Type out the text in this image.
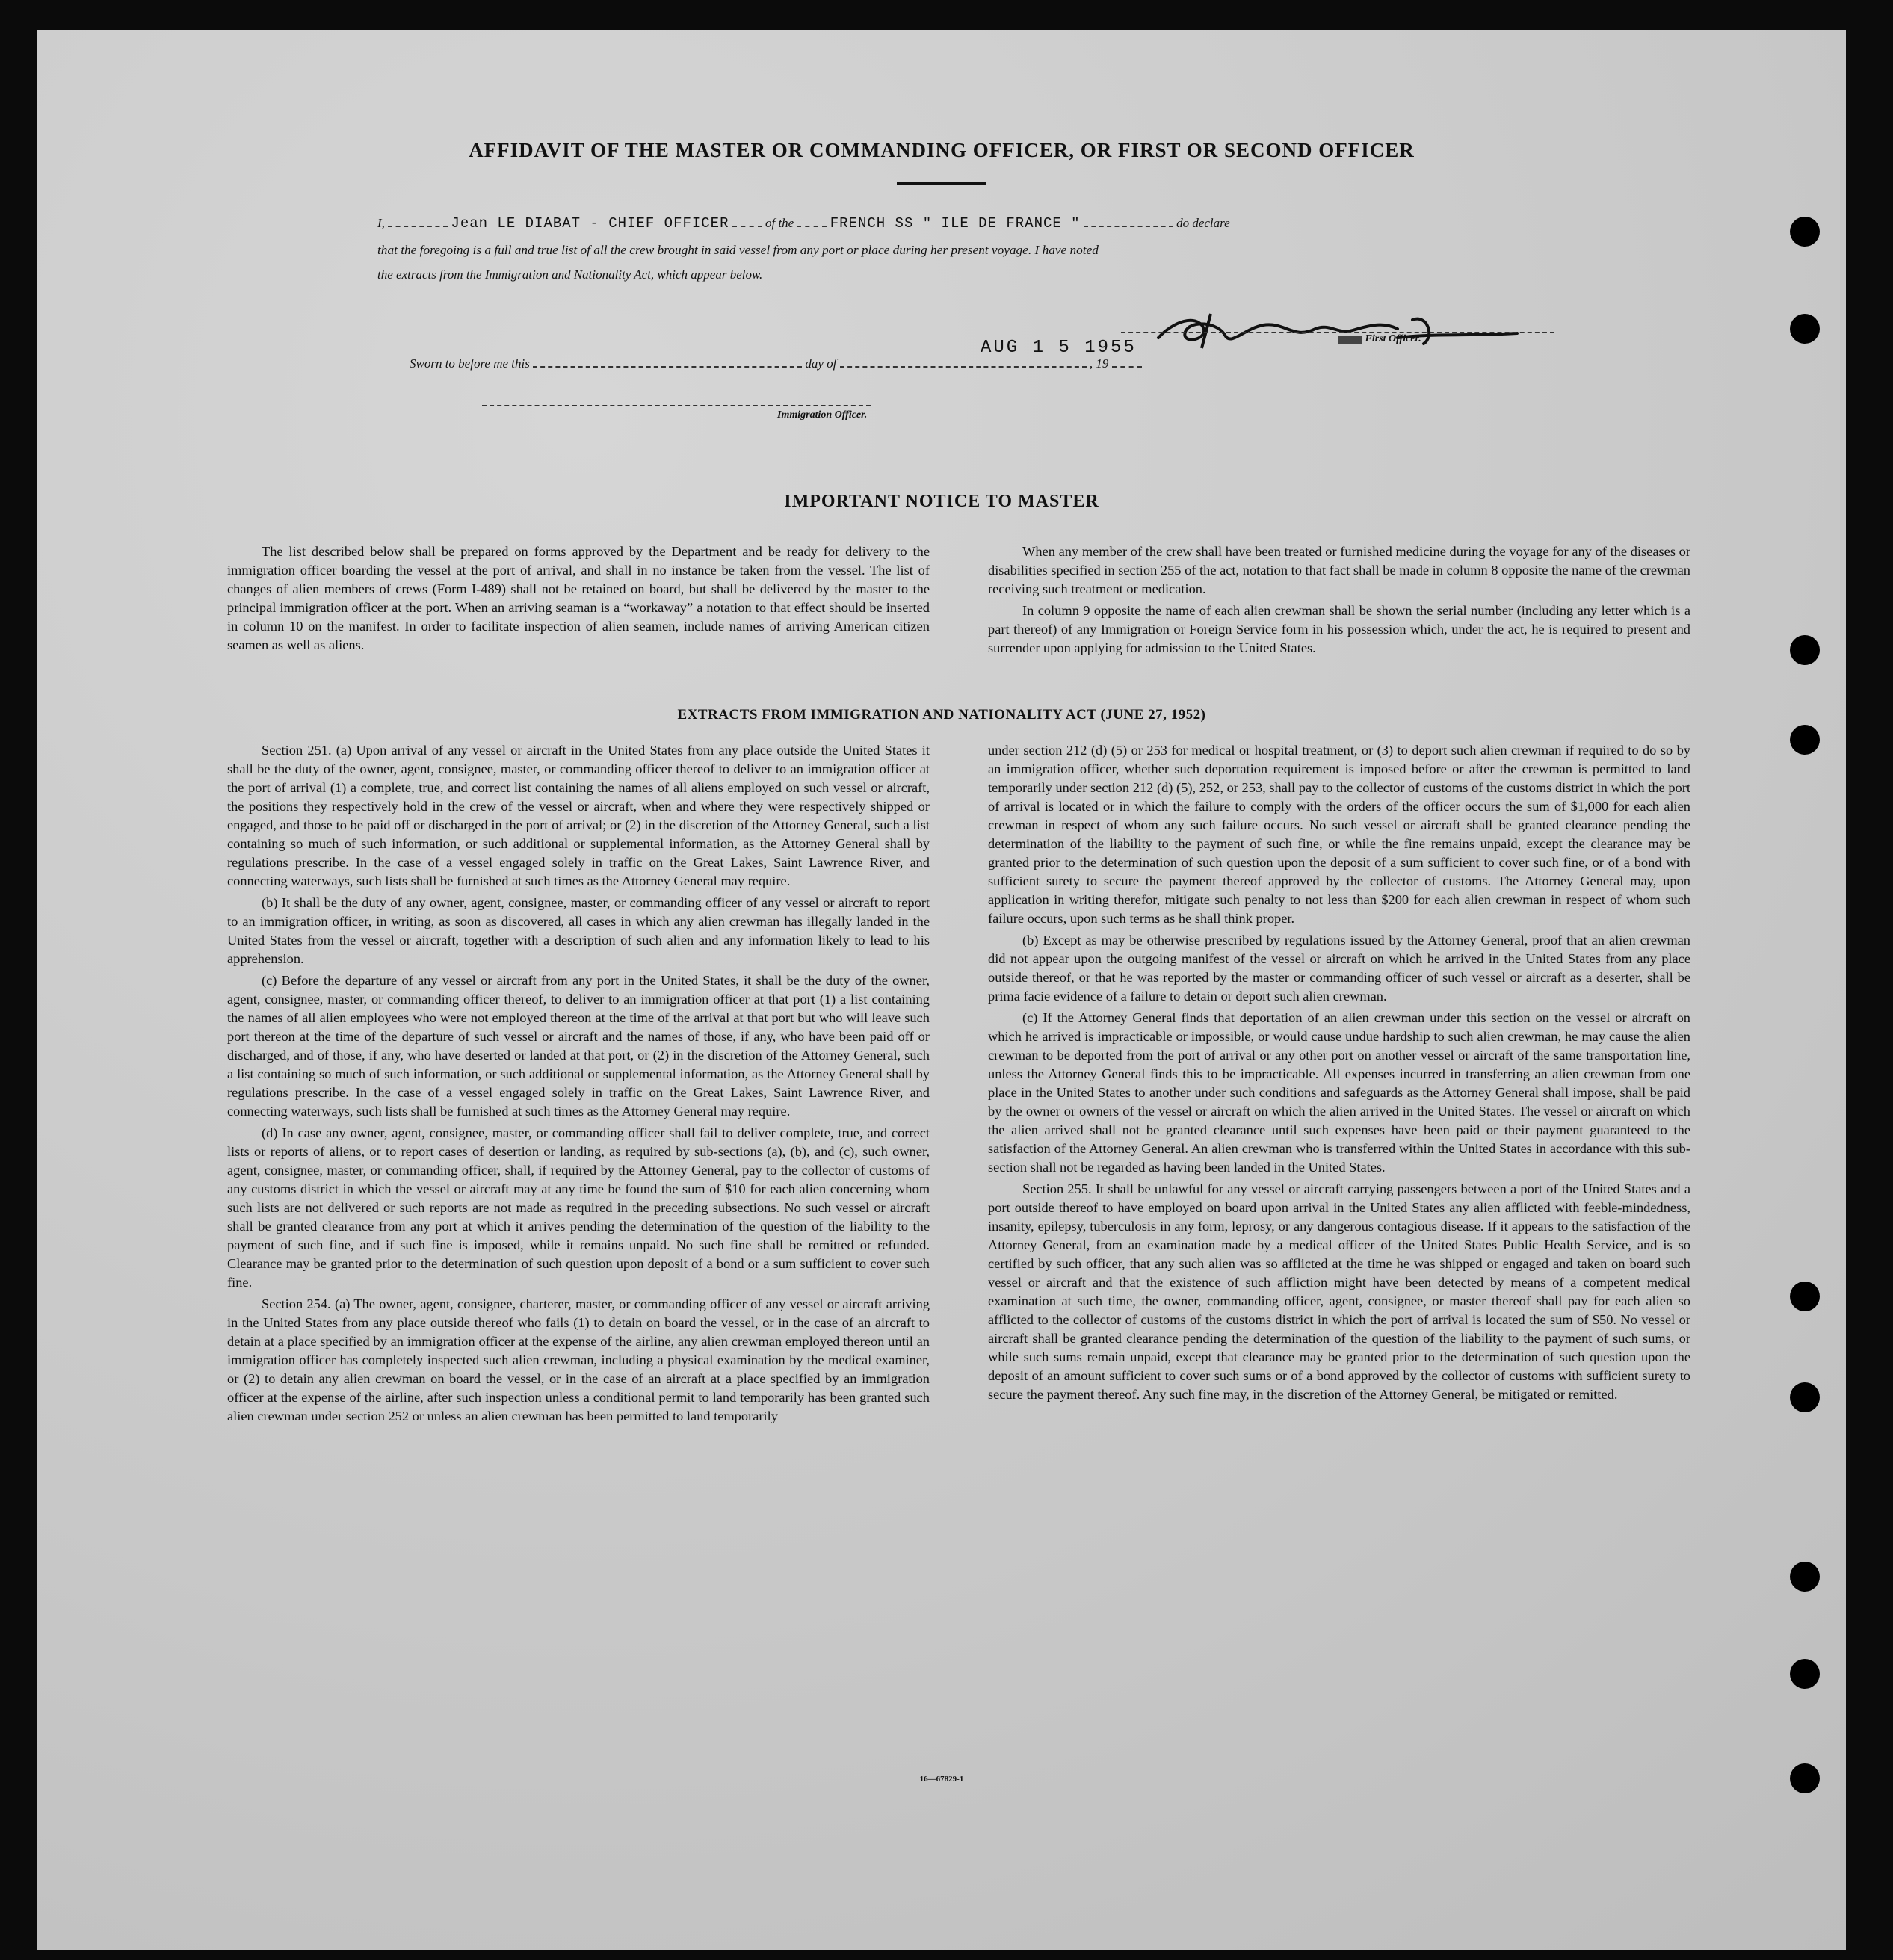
AFFIDAVIT OF THE MASTER OR COMMANDING OFFICER, OR FIRST OR SECOND OFFICER
I,	Jean LE DIABAT - CHIEF OFFICER	of the	FRENCH SS " ILE DE FRANCE "	do declare
that the foregoing is a full and true list of all the crew brought in said vessel from any port or place during her present voyage. I have noted
the extracts from the Immigration and Nationality Act, which appear below.
XXXXX First Officer.
AUG 1 5 1955
Sworn to before me this	day of	, 19
Immigration Officer.
IMPORTANT NOTICE TO MASTER

The list described below shall be prepared on forms approved by the Department and be ready for delivery to the immigration officer boarding the vessel at the port of arrival, and shall in no instance be taken from the vessel. The list of changes of alien members of crews (Form I-489) shall not be retained on board, but shall be delivered by the master to the principal immigration officer at the port. When an arriving seaman is a “workaway” a notation to that effect should be inserted in column 10 on the manifest. In order to facilitate inspection of alien seamen, include names of arriving American citizen seamen as well as aliens.

When any member of the crew shall have been treated or furnished medicine during the voyage for any of the diseases or disabilities specified in section 255 of the act, notation to that fact shall be made in column 8 opposite the name of the crewman receiving such treatment or medication.

In column 9 opposite the name of each alien crewman shall be shown the serial number (including any letter which is a part thereof) of any Immigration or Foreign Service form in his possession which, under the act, he is required to present and surrender upon applying for admission to the United States.

EXTRACTS FROM IMMIGRATION AND NATIONALITY ACT (JUNE 27, 1952)

Section 251. (a) Upon arrival of any vessel or aircraft in the United States from any place outside the United States it shall be the duty of the owner, agent, consignee, master, or commanding officer thereof to deliver to an immigration officer at the port of arrival (1) a complete, true, and correct list containing the names of all aliens employed on such vessel or aircraft, the positions they respectively hold in the crew of the vessel or aircraft, when and where they were respectively shipped or engaged, and those to be paid off or discharged in the port of arrival; or (2) in the discretion of the Attorney General, such a list containing so much of such information, or such additional or supplemental information, as the Attorney General shall by regulations prescribe. In the case of a vessel engaged solely in traffic on the Great Lakes, Saint Lawrence River, and connecting waterways, such lists shall be furnished at such times as the Attorney General may require.

(b) It shall be the duty of any owner, agent, consignee, master, or commanding officer of any vessel or aircraft to report to an immigration officer, in writing, as soon as discovered, all cases in which any alien crewman has illegally landed in the United States from the vessel or aircraft, together with a description of such alien and any information likely to lead to his apprehension.

(c) Before the departure of any vessel or aircraft from any port in the United States, it shall be the duty of the owner, agent, consignee, master, or commanding officer thereof, to deliver to an immigration officer at that port (1) a list containing the names of all alien employees who were not employed thereon at the time of the arrival at that port but who will leave such port thereon at the time of the departure of such vessel or aircraft and the names of those, if any, who have been paid off or discharged, and of those, if any, who have deserted or landed at that port, or (2) in the discretion of the Attorney General, such a list containing so much of such information, or such additional or supplemental information, as the Attorney General shall by regulations prescribe. In the case of a vessel engaged solely in traffic on the Great Lakes, Saint Lawrence River, and connecting waterways, such lists shall be furnished at such times as the Attorney General may require.

(d) In case any owner, agent, consignee, master, or commanding officer shall fail to deliver complete, true, and correct lists or reports of aliens, or to report cases of desertion or landing, as required by sub-sections (a), (b), and (c), such owner, agent, consignee, master, or commanding officer, shall, if required by the Attorney General, pay to the collector of customs of any customs district in which the vessel or aircraft may at any time be found the sum of $10 for each alien concerning whom such lists are not delivered or such reports are not made as required in the preceding subsections. No such vessel or aircraft shall be granted clearance from any port at which it arrives pending the determination of the question of the liability to the payment of such fine, and if such fine is imposed, while it remains unpaid. No such fine shall be remitted or refunded. Clearance may be granted prior to the determination of such question upon deposit of a bond or a sum sufficient to cover such fine.

Section 254. (a) The owner, agent, consignee, charterer, master, or commanding officer of any vessel or aircraft arriving in the United States from any place outside thereof who fails (1) to detain on board the vessel, or in the case of an aircraft to detain at a place specified by an immigration officer at the expense of the airline, any alien crewman employed thereon until an immigration officer has completely inspected such alien crewman, including a physical examination by the medical examiner, or (2) to detain any alien crewman on board the vessel, or in the case of an aircraft at a place specified by an immigration officer at the expense of the airline, after such inspection unless a conditional permit to land temporarily has been granted such alien crewman under section 252 or unless an alien crewman has been permitted to land temporarily

under section 212 (d) (5) or 253 for medical or hospital treatment, or (3) to deport such alien crewman if required to do so by an immigration officer, whether such deportation requirement is imposed before or after the crewman is permitted to land temporarily under section 212 (d) (5), 252, or 253, shall pay to the collector of customs of the customs district in which the port of arrival is located or in which the failure to comply with the orders of the officer occurs the sum of $1,000 for each alien crewman in respect of whom any such failure occurs. No such vessel or aircraft shall be granted clearance pending the determination of the liability to the payment of such fine, or while the fine remains unpaid, except the clearance may be granted prior to the determination of such question upon the deposit of a sum sufficient to cover such fine, or of a bond with sufficient surety to secure the payment thereof approved by the collector of customs. The Attorney General may, upon application in writing therefor, mitigate such penalty to not less than $200 for each alien crewman in respect of whom such failure occurs, upon such terms as he shall think proper.

(b) Except as may be otherwise prescribed by regulations issued by the Attorney General, proof that an alien crewman did not appear upon the outgoing manifest of the vessel or aircraft on which he arrived in the United States from any place outside thereof, or that he was reported by the master or commanding officer of such vessel or aircraft as a deserter, shall be prima facie evidence of a failure to detain or deport such alien crewman.

(c) If the Attorney General finds that deportation of an alien crewman under this section on the vessel or aircraft on which he arrived is impracticable or impossible, or would cause undue hardship to such alien crewman, he may cause the alien crewman to be deported from the port of arrival or any other port on another vessel or aircraft of the same transportation line, unless the Attorney General finds this to be impracticable. All expenses incurred in transferring an alien crewman from one place in the United States to another under such conditions and safeguards as the Attorney General shall impose, shall be paid by the owner or owners of the vessel or aircraft on which the alien arrived in the United States. The vessel or aircraft on which the alien arrived shall not be granted clearance until such expenses have been paid or their payment guaranteed to the satisfaction of the Attorney General. An alien crewman who is transferred within the United States in accordance with this sub-section shall not be regarded as having been landed in the United States.

Section 255. It shall be unlawful for any vessel or aircraft carrying passengers between a port of the United States and a port outside thereof to have employed on board upon arrival in the United States any alien afflicted with feeble-mindedness, insanity, epilepsy, tuberculosis in any form, leprosy, or any dangerous contagious disease. If it appears to the satisfaction of the Attorney General, from an examination made by a medical officer of the United States Public Health Service, and is so certified by such officer, that any such alien was so afflicted at the time he was shipped or engaged and taken on board such vessel or aircraft and that the existence of such affliction might have been detected by means of a competent medical examination at such time, the owner, commanding officer, agent, consignee, or master thereof shall pay for each alien so afflicted to the collector of customs of the customs district in which the port of arrival is located the sum of $50. No vessel or aircraft shall be granted clearance pending the determination of the question of the liability to the payment of such sums, or while such sums remain unpaid, except that clearance may be granted prior to the determination of such question upon the deposit of an amount sufficient to cover such sums or of a bond approved by the collector of customs with sufficient surety to secure the payment thereof. Any such fine may, in the discretion of the Attorney General, be mitigated or remitted.

16—67829-1
